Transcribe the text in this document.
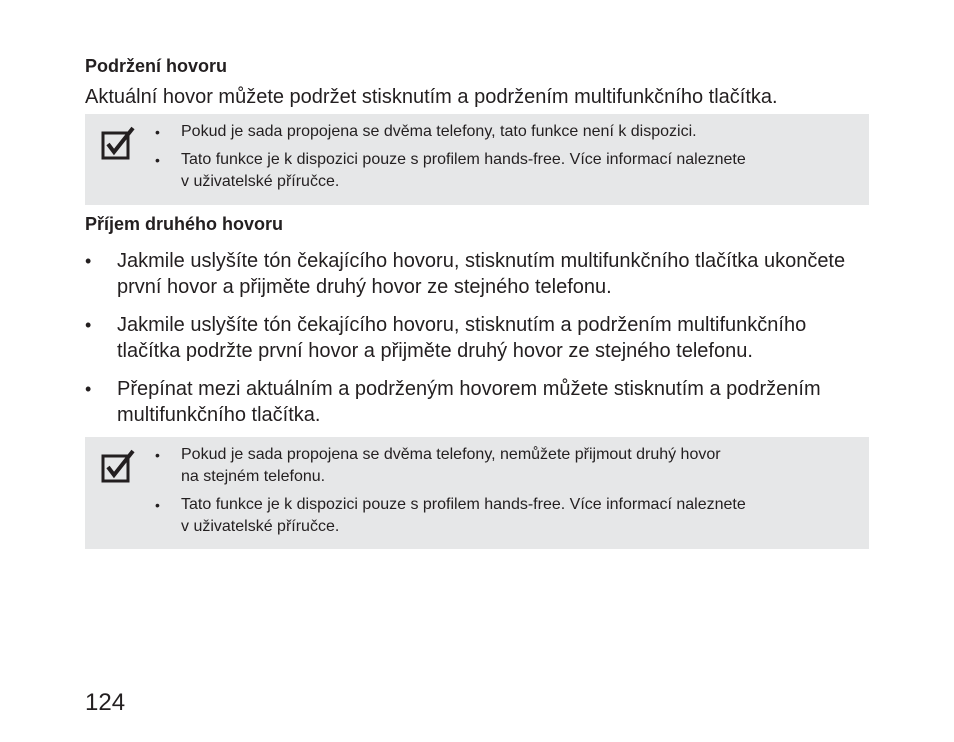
Podržení hovoru

Aktuální hovor můžete podržet stisknutím a podržením multifunkčního tlačítka.

• Pokud je sada propojena se dvěma telefony, tato funkce není k dispozici.
• Tato funkce je k dispozici pouze s profilem hands-free. Více informací naleznete
v uživatelské příručce.
Příjem druhého hovoru
• Jakmile uslyšíte tón čekajícího hovoru, stisknutím multifunkčního tlačítka ukončete
první hovor a přijměte druhý hovor ze stejného telefonu.
• Jakmile uslyšíte tón čekajícího hovoru, stisknutím a podržením multifunkčního
tlačítka podržte první hovor a přijměte druhý hovor ze stejného telefonu.
• Přepínat mezi aktuálním a podrženým hovorem můžete stisknutím a podržením
multifunkčního tlačítka.
• Pokud je sada propojena se dvěma telefony, nemůžete přijmout druhý hovor
na stejném telefonu.
• Tato funkce je k dispozici pouze s profilem hands-free. Více informací naleznete
v uživatelské příručce.

124
